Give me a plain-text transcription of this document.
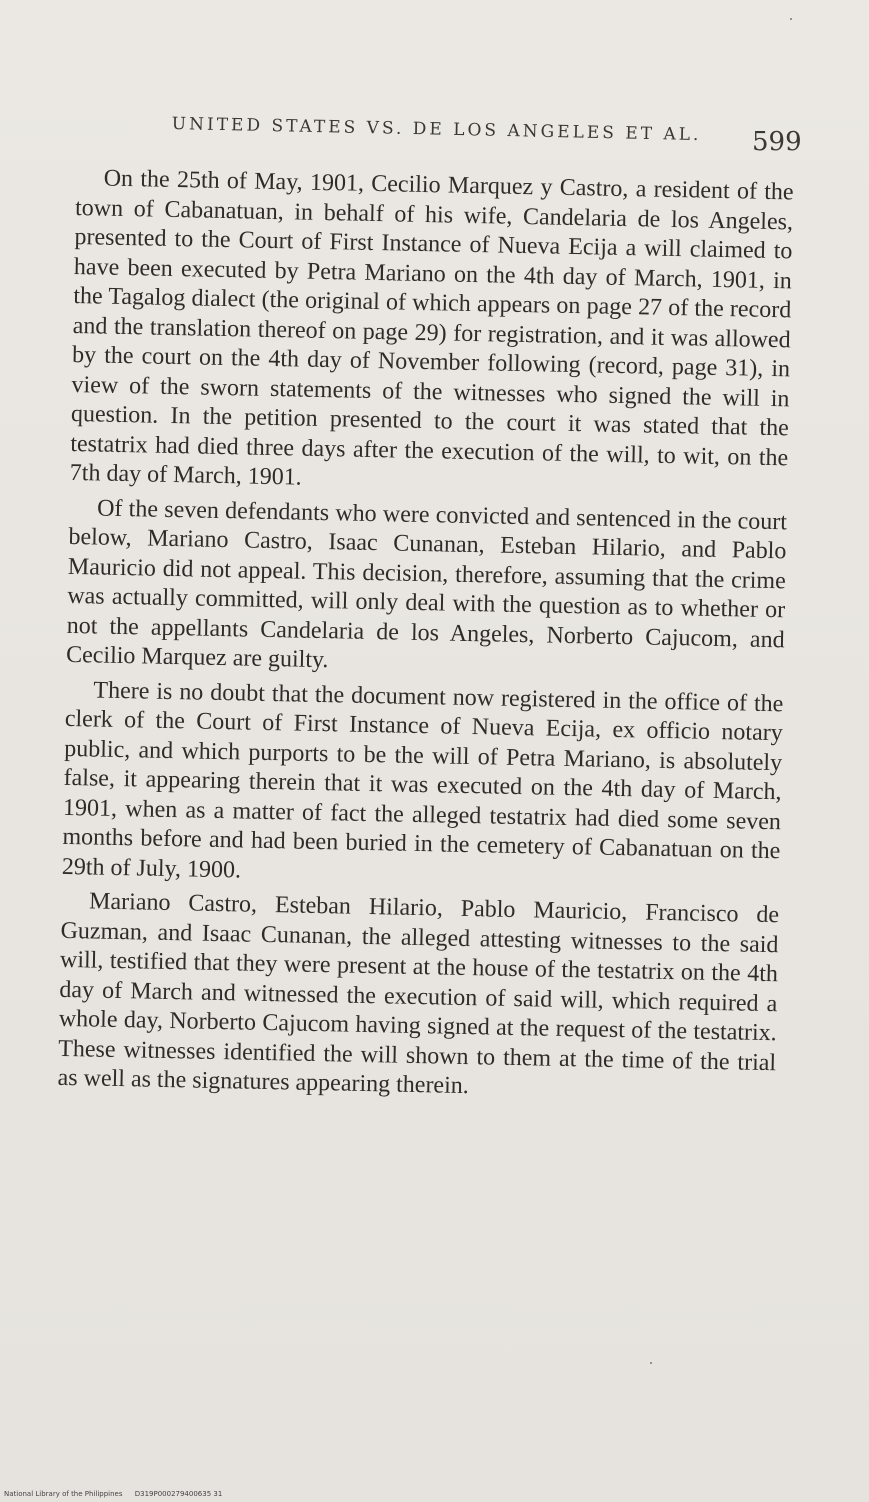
UNITED STATES VS. DE LOS ANGELES ET AL. 599

On the 25th of May, 1901, Cecilio Marquez y Castro, a resident of the town of Cabanatuan, in behalf of his wife, Candelaria de los Angeles, presented to the Court of First Instance of Nueva Ecija a will claimed to have been executed by Petra Mariano on the 4th day of March, 1901, in the Tagalog dialect (the original of which appears on page 27 of the record and the translation thereof on page 29) for registration, and it was allowed by the court on the 4th day of November following (record, page 31), in view of the sworn statements of the witnesses who signed the will in question. In the petition presented to the court it was stated that the testatrix had died three days after the execution of the will, to wit, on the 7th day of March, 1901.

Of the seven defendants who were convicted and sentenced in the court below, Mariano Castro, Isaac Cunanan, Esteban Hilario, and Pablo Mauricio did not appeal. This decision, therefore, assuming that the crime was actually committed, will only deal with the question as to whether or not the appellants Candelaria de los Angeles, Norberto Cajucom, and Cecilio Marquez are guilty.

There is no doubt that the document now registered in the office of the clerk of the Court of First Instance of Nueva Ecija, ex officio notary public, and which purports to be the will of Petra Mariano, is absolutely false, it appearing therein that it was executed on the 4th day of March, 1901, when as a matter of fact the alleged testatrix had died some seven months before and had been buried in the cemetery of Cabanatuan on the 29th of July, 1900.

Mariano Castro, Esteban Hilario, Pablo Mauricio, Francisco de Guzman, and Isaac Cunanan, the alleged attesting witnesses to the said will, testified that they were present at the house of the testatrix on the 4th day of March and witnessed the execution of said will, which required a whole day, Norberto Cajucom having signed at the request of the testatrix. These witnesses identified the will shown to them at the time of the trial as well as the signatures appearing therein.

National Library of the Philippines D319P000279400635 31
